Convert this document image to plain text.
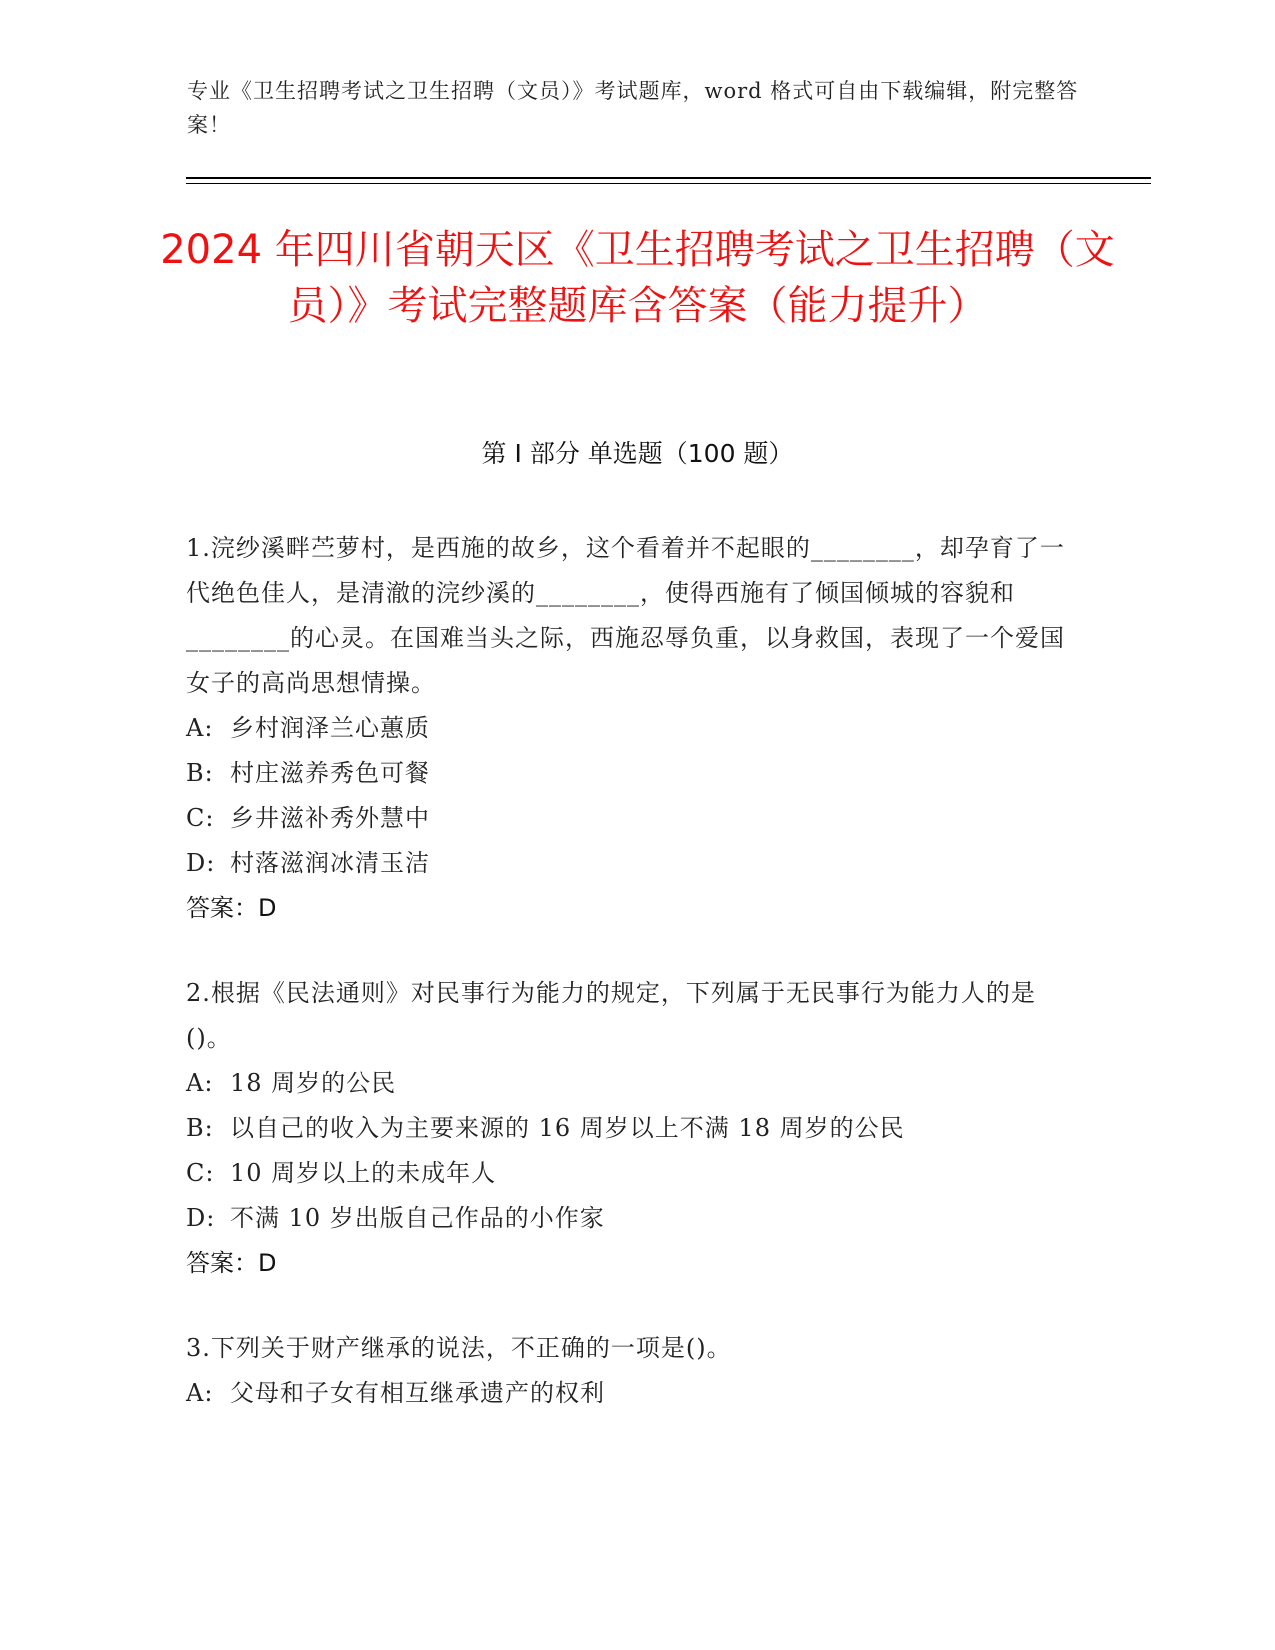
专业《卫生招聘考试之卫生招聘（文员）》考试题库，word 格式可自由下载编辑，附完整答案！
2024 年四川省朝天区《卫生招聘考试之卫生招聘（文员）》考试完整题库含答案（能力提升）
第 I 部分 单选题（100 题）
1.浣纱溪畔苎萝村，是西施的故乡，这个看着并不起眼的________，却孕育了一代绝色佳人，是清澈的浣纱溪的________，使得西施有了倾国倾城的容貌和________的心灵。在国难当头之际，西施忍辱负重，以身救国，表现了一个爱国女子的高尚思想情操。
A: 乡村润泽兰心蕙质
B: 村庄滋养秀色可餐
C: 乡井滋补秀外慧中
D: 村落滋润冰清玉洁
答案：D
2.根据《民法通则》对民事行为能力的规定，下列属于无民事行为能力人的是()。
A: 18 周岁的公民
B: 以自己的收入为主要来源的 16 周岁以上不满 18 周岁的公民
C: 10 周岁以上的未成年人
D: 不满 10 岁出版自己作品的小作家
答案：D
3.下列关于财产继承的说法，不正确的一项是()。
A: 父母和子女有相互继承遗产的权利
